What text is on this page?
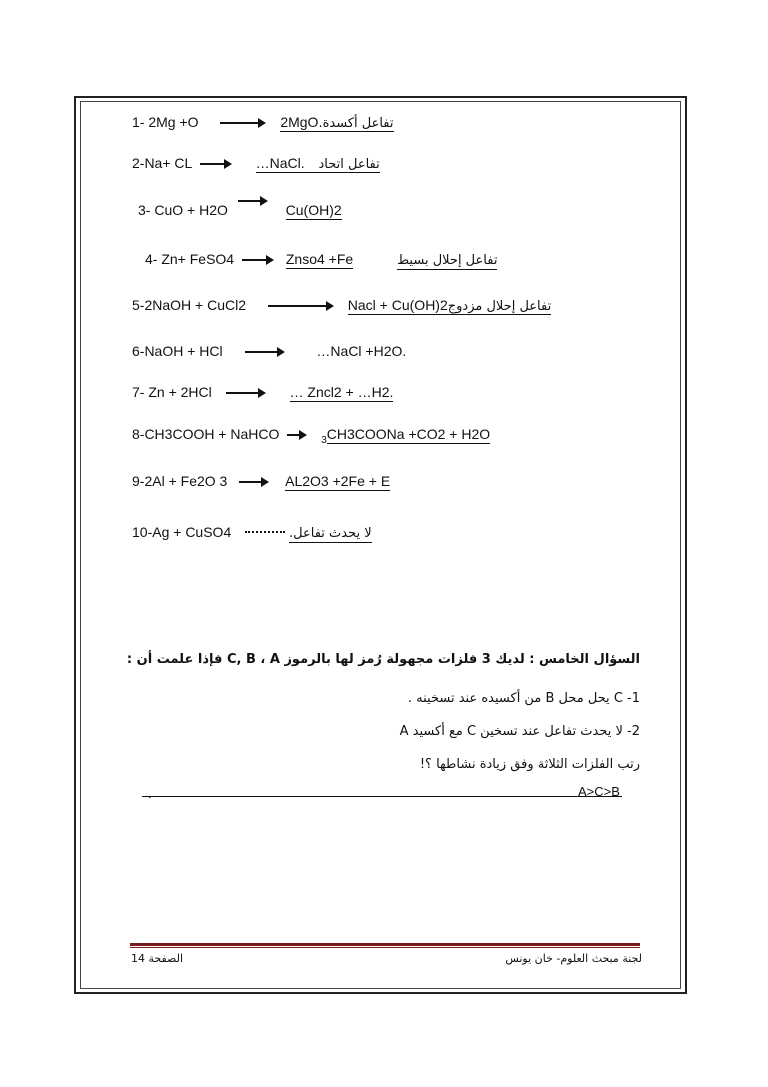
1- 2Mg +O	2MgOتفاعل أكسدة.
2-Na+ CL	…NaCl. تفاعل اتحاد
3- CuO + H2O	Cu(OH)2
4- Zn+ FeSO4	Znso4 +Fe	تفاعل إحلال بسيط
5-2NaOH + CuCl2	Nacl + Cu(OH)2تفاعل إحلال مزدوج
6-NaOH + HCl	…NaCl +H2O.
7- Zn + 2HCl	… Zncl2 + …H2.
8-CH3COOH + NaHCO	$_3$CH3COONa +CO2 + H2O
9-2Al + Fe2O 3	AL2O3 +2Fe + E
10-Ag + CuSO4	لا يحدث تفاعل.
السؤال الخامس : لديك 3 فلزات مجهولة رُمز لها بالرموز C, B ، A فإذا علمت أن :
1- C يحل محل B من أكسيده عند تسخينه .
2- لا يحدث تفاعل عند تسخين C مع أكسيد A
رتب الفلزات الثلاثة وفق زيادة نشاطها ؟!
.	A>C>B
لجنة مبحث العلوم- خان يونس
الصفحة 14
